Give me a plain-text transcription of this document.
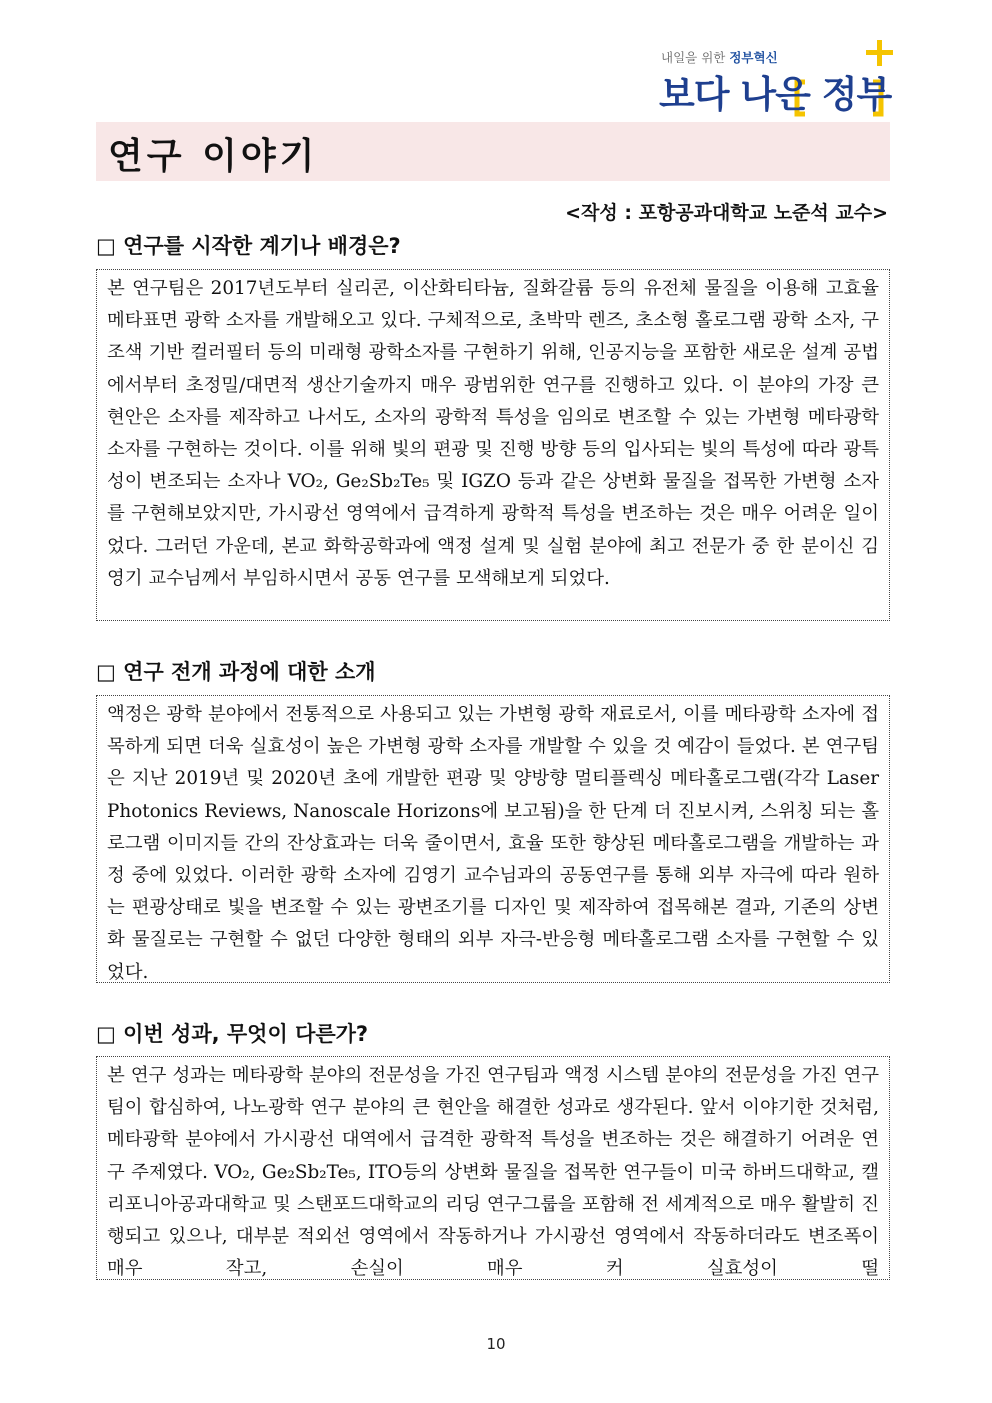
내일을 위한 정부혁신
보다 나은 정부
연구 이야기
<작성 : 포항공과대학교 노준석 교수>
□ 연구를 시작한 계기나 배경은?

본 연구팀은 2017년도부터 실리콘, 이산화티타늄, 질화갈륨 등의 유전체 물질을 이용해 고효율 메타표면 광학 소자를 개발해오고 있다. 구체적으로, 초박막 렌즈, 초소형 홀로그램 광학 소자, 구조색 기반 컬러필터 등의 미래형 광학소자를 구현하기 위해, 인공지능을 포함한 새로운 설계 공법에서부터 초정밀/대면적 생산기술까지 매우 광범위한 연구를 진행하고 있다. 이 분야의 가장 큰 현안은 소자를 제작하고 나서도, 소자의 광학적 특성을 임의로 변조할 수 있는 가변형 메타광학 소자를 구현하는 것이다. 이를 위해 빛의 편광 및 진행 방향 등의 입사되는 빛의 특성에 따라 광특성이 변조되는 소자나 VO₂, Ge₂Sb₂Te₅ 및 IGZO 등과 같은 상변화 물질을 접목한 가변형 소자를 구현해보았지만, 가시광선 영역에서 급격하게 광학적 특성을 변조하는 것은 매우 어려운 일이었다. 그러던 가운데, 본교 화학공학과에 액정 설계 및 실험 분야에 최고 전문가 중 한 분이신 김영기 교수님께서 부임하시면서 공동 연구를 모색해보게 되었다.

□ 연구 전개 과정에 대한 소개

액정은 광학 분야에서 전통적으로 사용되고 있는 가변형 광학 재료로서, 이를 메타광학 소자에 접목하게 되면 더욱 실효성이 높은 가변형 광학 소자를 개발할 수 있을 것 예감이 들었다. 본 연구팀은 지난 2019년 및 2020년 초에 개발한 편광 및 양방향 멀티플렉싱 메타홀로그램(각각 Laser Photonics Reviews, Nanoscale Horizons에 보고됨)을 한 단계 더 진보시켜, 스위칭 되는 홀로그램 이미지들 간의 잔상효과는 더욱 줄이면서, 효율 또한 향상된 메타홀로그램을 개발하는 과정 중에 있었다. 이러한 광학 소자에 김영기 교수님과의 공동연구를 통해 외부 자극에 따라 원하는 편광상태로 빛을 변조할 수 있는 광변조기를 디자인 및 제작하여 접목해본 결과, 기존의 상변화 물질로는 구현할 수 없던 다양한 형태의 외부 자극-반응형 메타홀로그램 소자를 구현할 수 있었다.

□ 이번 성과, 무엇이 다른가?

본 연구 성과는 메타광학 분야의 전문성을 가진 연구팀과 액정 시스템 분야의 전문성을 가진 연구팀이 합심하여, 나노광학 연구 분야의 큰 현안을 해결한 성과로 생각된다. 앞서 이야기한 것처럼, 메타광학 분야에서 가시광선 대역에서 급격한 광학적 특성을 변조하는 것은 해결하기 어려운 연구 주제였다. VO₂, Ge₂Sb₂Te₅, ITO등의 상변화 물질을 접목한 연구들이 미국 하버드대학교, 캘리포니아공과대학교 및 스탠포드대학교의 리딩 연구그룹을 포함해 전 세계적으로 매우 활발히 진행되고 있으나, 대부분 적외선 영역에서 작동하거나 가시광선 영역에서 작동하더라도 변조폭이 매우 작고, 손실이 매우 커 실효성이 떨

10
